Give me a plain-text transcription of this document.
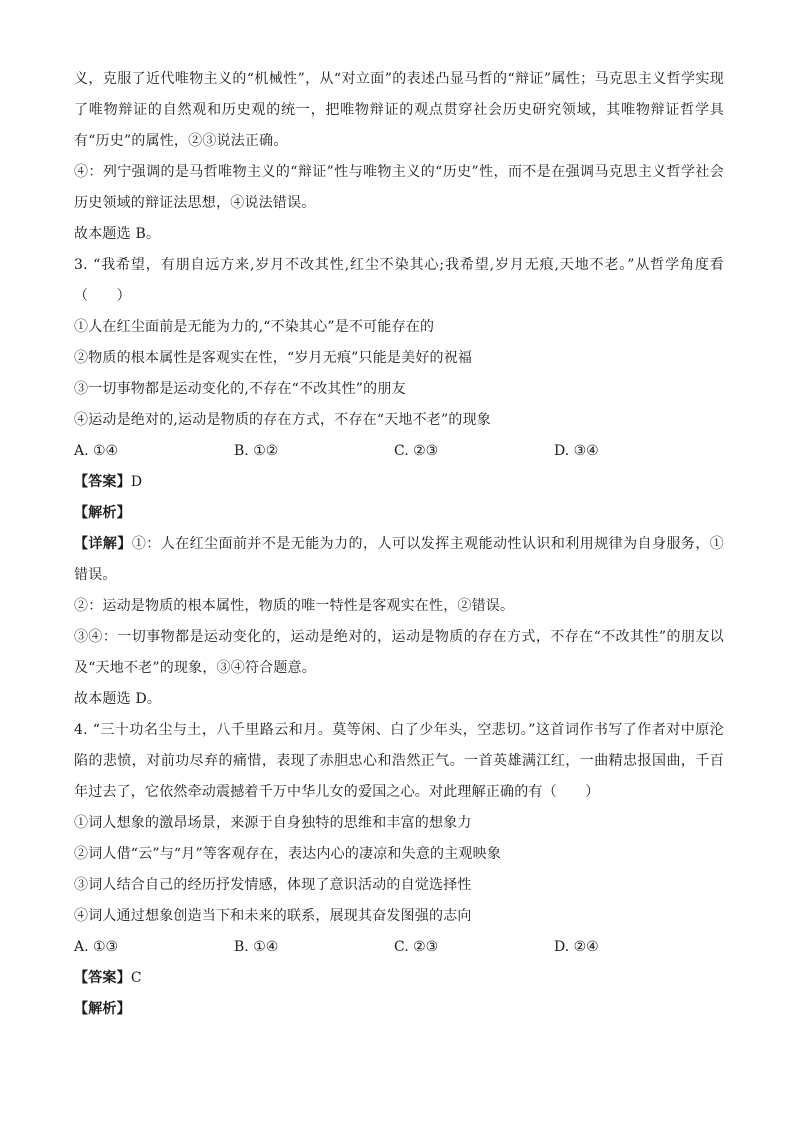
义，克服了近代唯物主义的“机械性”，从“对立面”的表述凸显马哲的“辩证”属性；马克思主义哲学实现了唯物辩证的自然观和历史观的统一，把唯物辩证的观点贯穿社会历史研究领域，其唯物辩证哲学具有“历史”的属性，②③说法正确。
④：列宁强调的是马哲唯物主义的“辩证”性与唯物主义的“历史”性，而不是在强调马克思主义哲学社会历史领域的辩证法思想，④说法错误。
故本题选 B。
3. “我希望，有朋自远方来,岁月不改其性,红尘不染其心;我希望,岁月无痕,天地不老。”从哲学角度看（　　）
①人在红尘面前是无能为力的,“不染其心”是不可能存在的
②物质的根本属性是客观实在性，“岁月无痕”只能是美好的祝福
③一切事物都是运动变化的,不存在“不改其性”的朋友
④运动是绝对的,运动是物质的存在方式，不存在“天地不老”的现象
A. ①④	B. ①②	C. ②③	D. ③④
【答案】D
【解析】
【详解】①：人在红尘面前并不是无能为力的，人可以发挥主观能动性认识和利用规律为自身服务，①错误。
②：运动是物质的根本属性，物质的唯一特性是客观实在性，②错误。
③④：一切事物都是运动变化的，运动是绝对的，运动是物质的存在方式，不存在“不改其性”的朋友以及“天地不老”的现象，③④符合题意。
故本题选 D。
4. “三十功名尘与土，八千里路云和月。莫等闲、白了少年头，空悲切。”这首词作书写了作者对中原沦陷的悲愤，对前功尽弃的痛惜，表现了赤胆忠心和浩然正气。一首英雄满江红，一曲精忠报国曲，千百年过去了，它依然牵动震撼着千万中华儿女的爱国之心。对此理解正确的有（　　）
①词人想象的激昂场景，来源于自身独特的思维和丰富的想象力
②词人借“云”与“月”等客观存在，表达内心的凄凉和失意的主观映象
③词人结合自己的经历抒发情感，体现了意识活动的自觉选择性
④词人通过想象创造当下和未来的联系，展现其奋发图强的志向
A. ①③	B. ①④	C. ②③	D. ②④
【答案】C
【解析】
